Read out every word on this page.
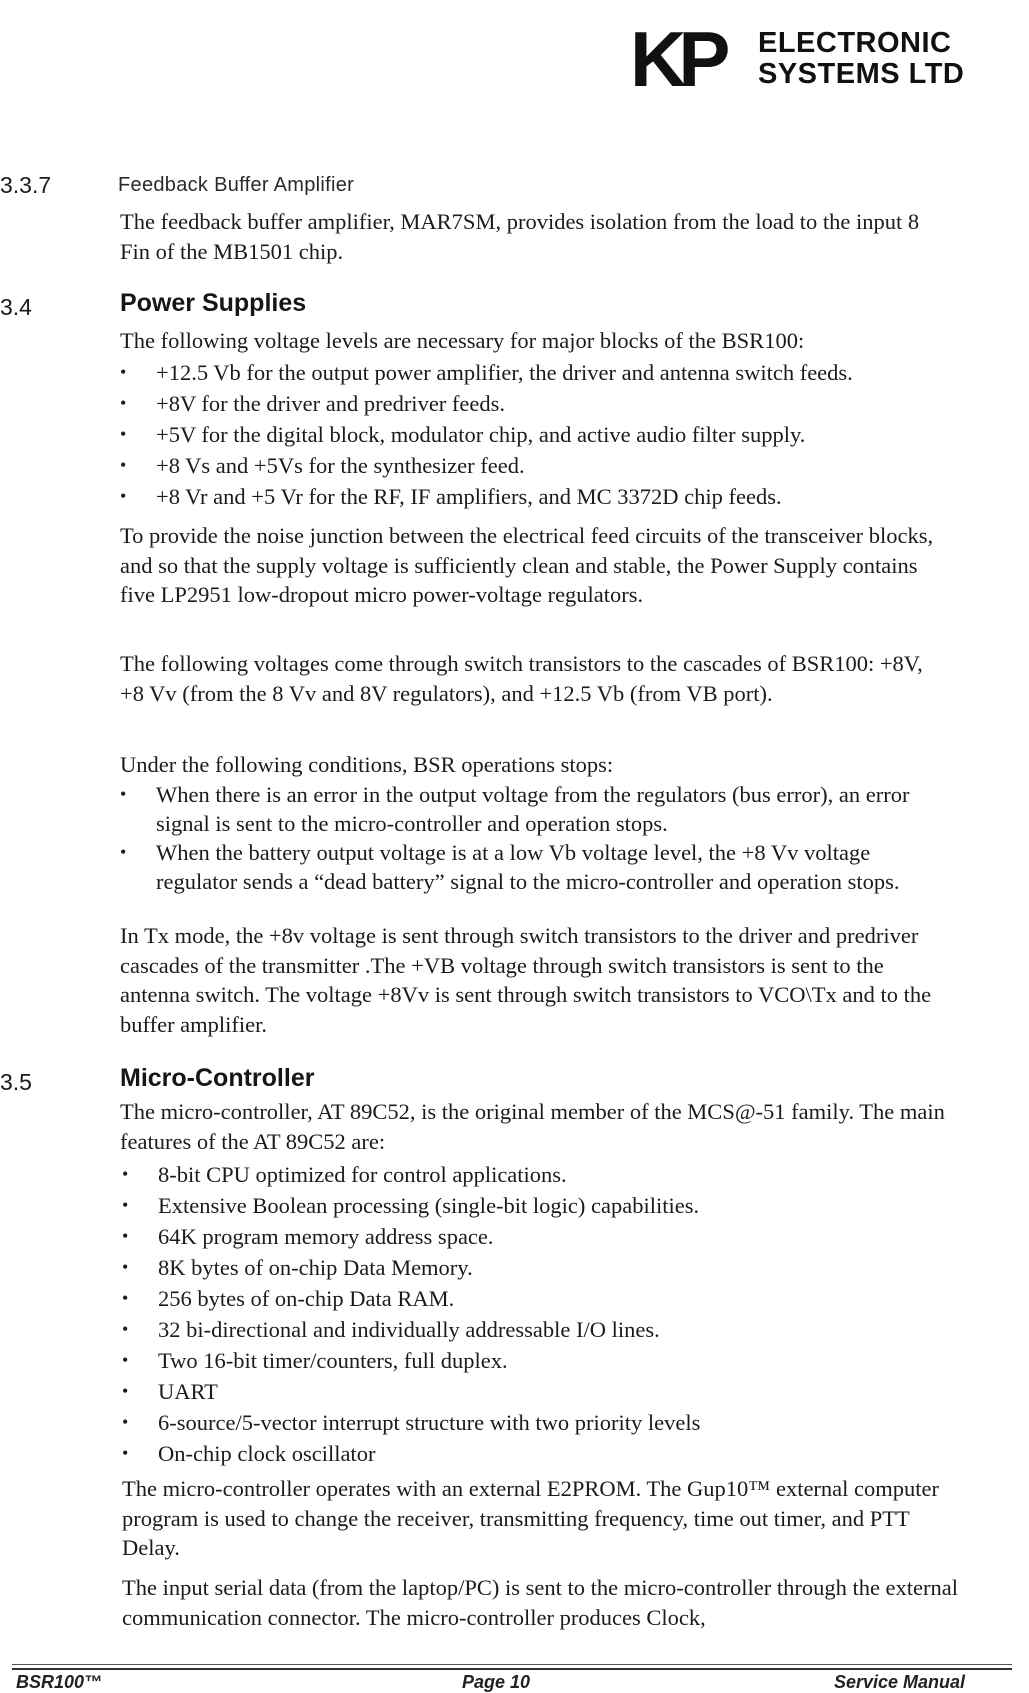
KP ELECTRONIC
SYSTEMS LTD
3.3.7	Feedback Buffer Amplifier
The feedback buffer amplifier, MAR7SM, provides isolation from the load to the input 8 Fin of the MB1501 chip.
3.4	Power Supplies
The following voltage levels are necessary for major blocks of the BSR100:
• +12.5 Vb for the output power amplifier, the driver and antenna switch feeds.
• +8V for the driver and predriver feeds.
• +5V for the digital block, modulator chip, and active audio filter supply.
• +8 Vs and +5Vs for the synthesizer feed.
• +8 Vr and +5 Vr for the RF, IF amplifiers, and MC 3372D chip feeds.
To provide the noise junction between the electrical feed circuits of the transceiver blocks, and so that the supply voltage is sufficiently clean and stable, the Power Supply contains five LP2951 low-dropout micro power-voltage regulators.
The following voltages come through switch transistors to the cascades of BSR100: +8V, +8 Vv (from the 8 Vv and 8V regulators), and +12.5 Vb (from VB port).
Under the following conditions, BSR operations stops:
• When there is an error in the output voltage from the regulators (bus error), an error signal is sent to the micro-controller and operation stops.
• When the battery output voltage is at a low Vb voltage level, the +8 Vv voltage regulator sends a “dead battery” signal to the micro-controller and operation stops.
In Tx mode, the +8v voltage is sent through switch transistors to the driver and predriver cascades of the transmitter .The +VB voltage through switch transistors is sent to the antenna switch. The voltage +8Vv is sent through switch transistors to VCO\Tx and to the buffer amplifier.
3.5	Micro-Controller
The micro-controller, AT 89C52, is the original member of the MCS@-51 family. The main features of the AT 89C52 are:
• 8-bit CPU optimized for control applications.
• Extensive Boolean processing (single-bit logic) capabilities.
• 64K program memory address space.
• 8K bytes of on-chip Data Memory.
• 256 bytes of on-chip Data RAM.
• 32 bi-directional and individually addressable I/O lines.
• Two 16-bit timer/counters, full duplex.
• UART
• 6-source/5-vector interrupt structure with two priority levels
• On-chip clock oscillator
The micro-controller operates with an external E2PROM. The Gup10™ external computer program is used to change the receiver, transmitting frequency, time out timer, and PTT Delay.
The input serial data (from the laptop/PC) is sent to the micro-controller through the external communication connector. The micro-controller produces Clock,
BSR100™	Page 10	Service Manual
